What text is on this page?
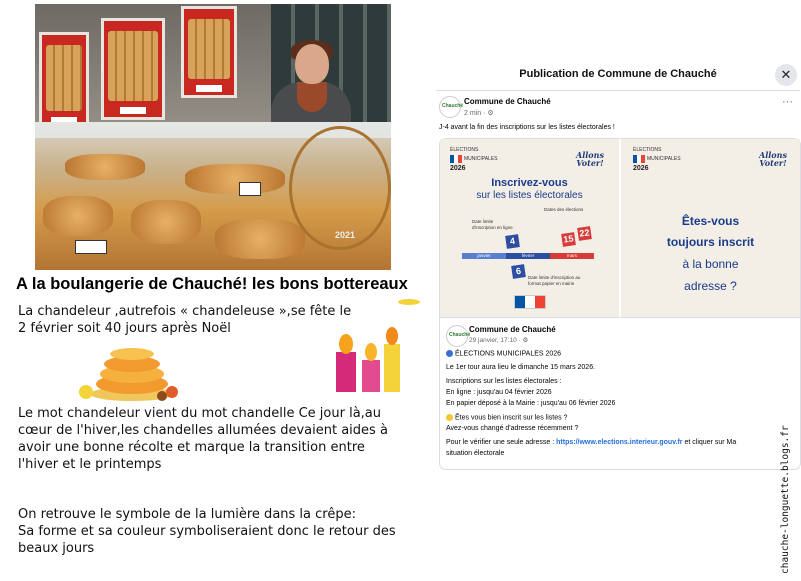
2021
A la boulangerie de Chauché! les bons bottereaux
La chandeleur ,autrefois « chandeleuse »,se fête le
2 février soit 40 jours après Noël
Le mot chandeleur vient du mot chandelle Ce jour là,au
cœur de l'hiver,les chandelles allumées devaient aides à
avoir une bonne récolte et marque la transition entre
l'hiver et le printemps
On retrouve le symbole de la lumière dans la crêpe:
Sa forme et sa couleur symboliseraient donc le retour des
beaux jours
Publication de Commune de Chauché	✕
Chauché Commune de Chauché
2 min · ⚙
···
J-4 avant la fin des inscriptions sur les listes électorales !
ÉLECTIONS
MUNICIPALES
2026
Allons
Voter!
Inscrivez-vous
sur les listes électorales
Date limite d'inscription en ligne
Dates des élections
janvier	février	mars
4	15
22
6
Date limite d'inscription au format papier en mairie
ÉLECTIONS
MUNICIPALES
2026
Allons
Voter!
Êtes-vous
toujours inscrit
à la bonne
adresse ?
Chauché
Commune de Chauché
29 janvier, 17:10 · ⚙
ÉLECTIONS MUNICIPALES 2026
Le 1er tour aura lieu le dimanche 15 mars 2026.
Inscriptions sur les listes électorales :
En ligne : jusqu'au 04 février 2026
En papier déposé à la Mairie : jusqu'au 06 février 2026
Êtes vous bien inscrit sur les listes ?
Avez-vous changé d'adresse récemment ?
Pour le vérifier une seule adresse : https://www.elections.interieur.gouv.fr et cliquer sur Ma
situation électorale	chauche-longuette.blogs.fr
